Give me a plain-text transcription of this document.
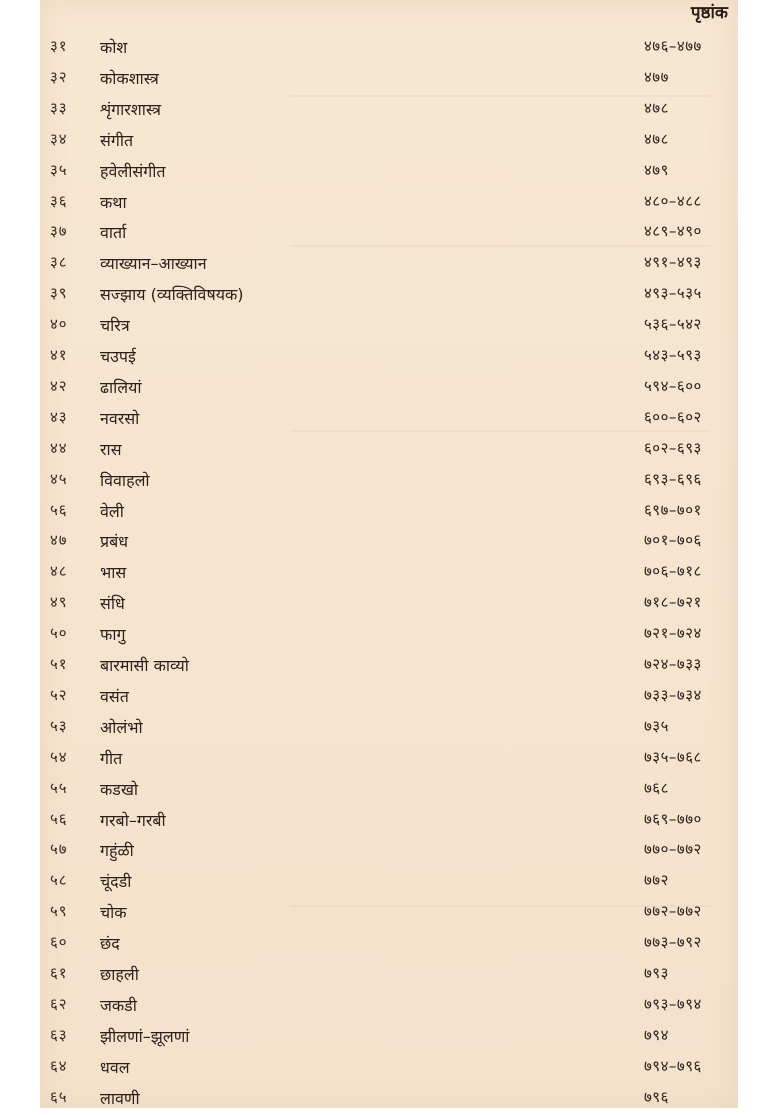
पृष्ठांक
३१ कोश	४७६–४७७
३२ कोकशास्त्र	४७७
३३ शृंगारशास्त्र	४७८
३४ संगीत	४७८
३५ हवेलीसंगीत	४७९
३६ कथा	४८०–४८८
३७ वार्ता	४८९–४९०
३८ व्याख्यान–आख्यान	४९१–४९३
३९ सज्झाय (व्यक्तिविषयक)	४९३–५३५
४० चरित्र	५३६–५४२
४१ चउपई	५४३–५९३
४२ ढालियां	५९४–६००
४३ नवरसो	६००–६०२
४४ रास	६०२–६९३
४५ विवाहलो	६९३–६९६
५६ वेली	६९७–७०१
४७ प्रबंध	७०१–७०६
४८ भास	७०६–७१८
४९ संधि	७१८–७२१
५० फागु	७२१–७२४
५१ बारमासी काव्यो	७२४–७३३
५२ वसंत	७३३–७३४
५३ ओलंभो	७३५
५४ गीत	७३५–७६८
५५ कडखो	७६८
५६ गरबो–गरबी	७६९–७७०
५७ गहुंळी	७७०–७७२
५८ चूंदडी	७७२
५९ चोक	७७२–७७२
६० छंद	७७३–७९२
६१ छाहली	७९३
६२ जकडी	७९३–७९४
६३ झीलणां–झूलणां	७९४
६४ धवल	७९४–७९६
६५ लावणी	७९६
